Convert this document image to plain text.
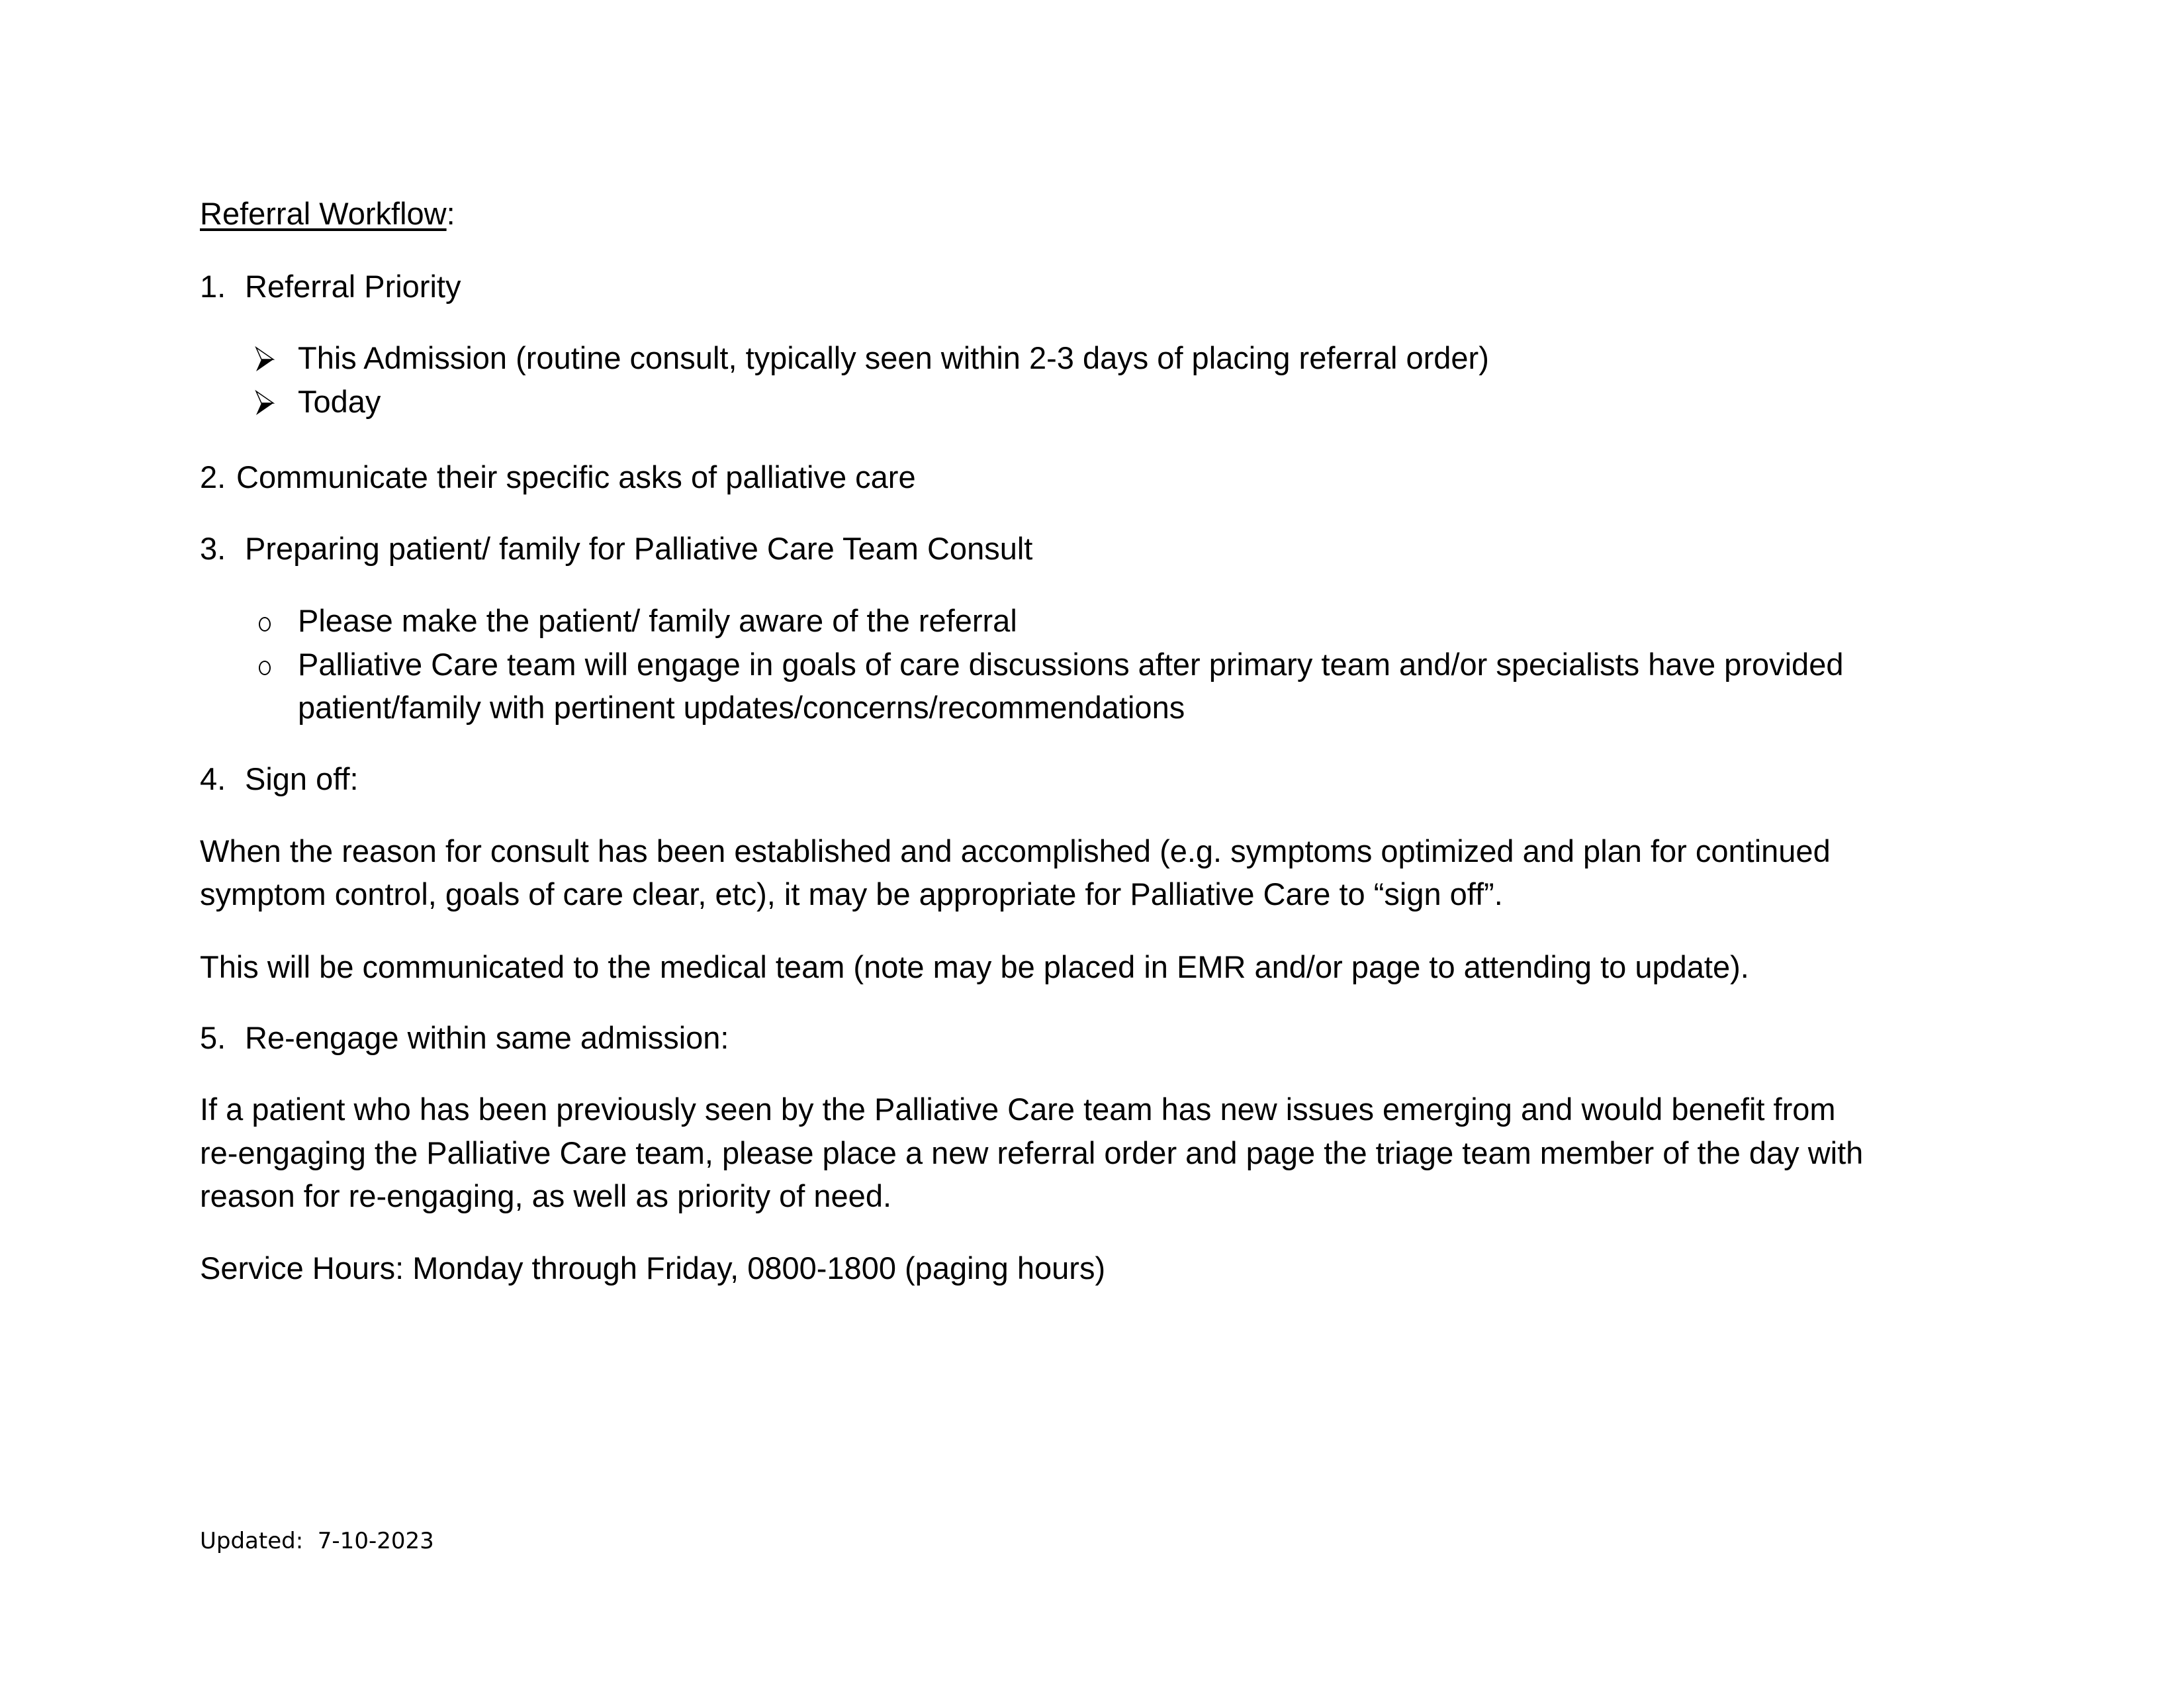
Referral Workflow:
1. Referral Priority
This Admission (routine consult, typically seen within 2-3 days of placing referral order)
Today
2. Communicate their specific asks of palliative care
3. Preparing patient/ family for Palliative Care Team Consult
Please make the patient/ family aware of the referral
Palliative Care team will engage in goals of care discussions after primary team and/or specialists have provided
patient/family with pertinent updates/concerns/recommendations
4. Sign off:
When the reason for consult has been established and accomplished (e.g. symptoms optimized and plan for continued
symptom control, goals of care clear, etc), it may be appropriate for Palliative Care to “sign off”.
This will be communicated to the medical team (note may be placed in EMR and/or page to attending to update).
5. Re-engage within same admission:
If a patient who has been previously seen by the Palliative Care team has new issues emerging and would benefit from
re-engaging the Palliative Care team, please place a new referral order and page the triage team member of the day with
reason for re-engaging, as well as priority of need.
Service Hours: Monday through Friday, 0800-1800 (paging hours)
Updated:  7-10-2023
